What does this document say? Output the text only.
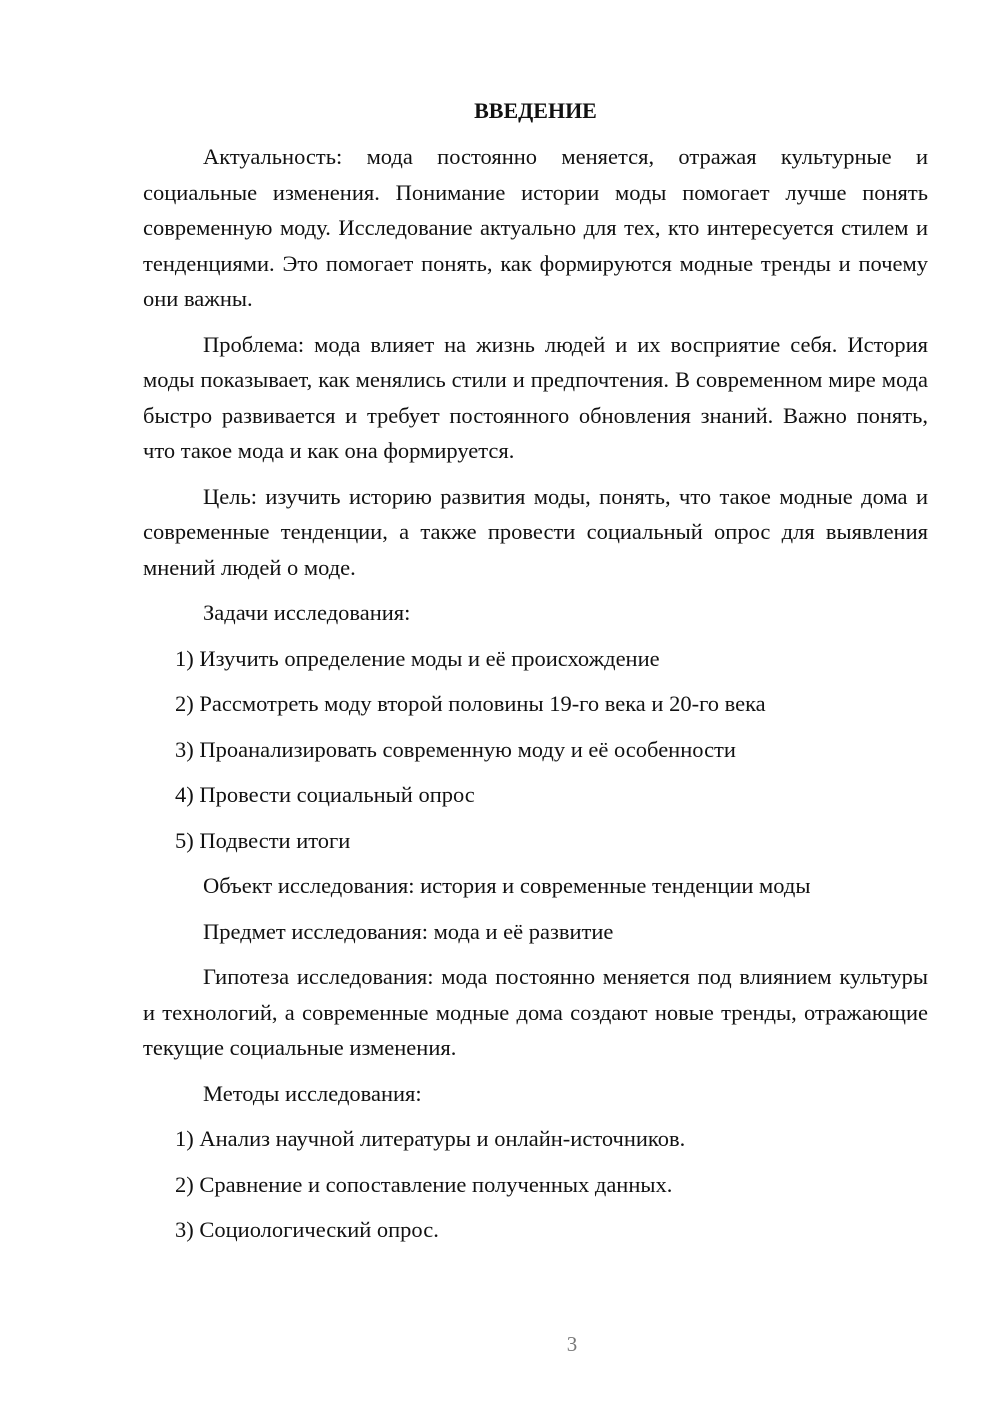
ВВЕДЕНИЕ

Актуальность: мода постоянно меняется, отражая культурные и социальные изменения. Понимание истории моды помогает лучше понять современную моду. Исследование актуально для тех, кто интересуется стилем и тенденциями. Это помогает понять, как формируются модные тренды и почему они важны.

Проблема: мода влияет на жизнь людей и их восприятие себя. История моды показывает, как менялись стили и предпочтения. В современном мире мода быстро развивается и требует постоянного обновления знаний. Важно понять, что такое мода и как она формируется.

Цель: изучить историю развития моды, понять, что такое модные дома и современные тенденции, а также провести социальный опрос для выявления мнений людей о моде.

Задачи исследования:

1) Изучить определение моды и её происхождение
2) Рассмотреть моду второй половины 19-го века и 20-го века
3) Проанализировать современную моду и её особенности
4) Провести социальный опрос
5) Подвести итоги

Объект исследования: история и современные тенденции моды

Предмет исследования: мода и её развитие

Гипотеза исследования: мода постоянно меняется под влиянием культуры и технологий, а современные модные дома создают новые тренды, отражающие текущие социальные изменения.

Методы исследования:

1) Анализ научной литературы и онлайн-источников.
2) Сравнение и сопоставление полученных данных.
3) Социологический опрос.
3
